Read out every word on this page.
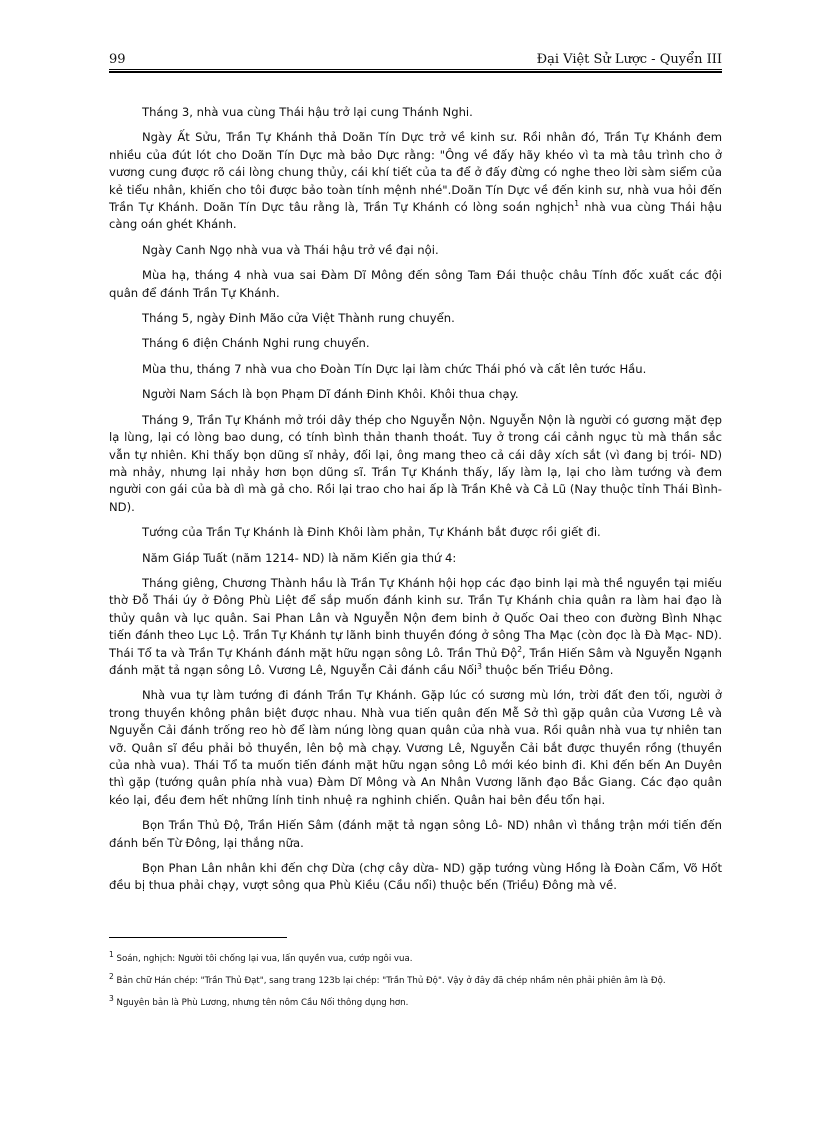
99	Đại Việt Sử Lược - Quyển III

Tháng 3, nhà vua cùng Thái hậu trở lại cung Thánh Nghi.

Ngày Ất Sửu, Trần Tự Khánh thả Doãn Tín Dực trở về kinh sư. Rồi nhân đó, Trần Tự Khánh đem nhiều của đút lót cho Doãn Tín Dực mà bảo Dực rằng: "Ông về đấy hãy khéo vì ta mà tâu trình cho ở vương cung được rõ cái lòng chung thủy, cái khí tiết của ta để ở đấy đừng có nghe theo lời sàm siểm của kẻ tiểu nhân, khiến cho tôi được bảo toàn tính mệnh nhé".Doãn Tín Dực về đến kinh sư, nhà vua hỏi đến Trần Tự Khánh. Doãn Tín Dực tâu rằng là, Trần Tự Khánh có lòng soán nghịch$^1$ nhà vua cùng Thái hậu càng oán ghét Khánh.

Ngày Canh Ngọ nhà vua và Thái hậu trở về đại nội.

Mùa hạ, tháng 4 nhà vua sai Đàm Dĩ Mông đến sông Tam Đái thuộc châu Tính đốc xuất các đội quân để đánh Trần Tự Khánh.

Tháng 5, ngày Đinh Mão cửa Việt Thành rung chuyển.

Tháng 6 điện Chánh Nghi rung chuyển.

Mùa thu, tháng 7 nhà vua cho Đoàn Tín Dực lại làm chức Thái phó và cất lên tước Hầu.

Người Nam Sách là bọn Phạm Dĩ đánh Đinh Khôi. Khôi thua chạy.

Tháng 9, Trần Tự Khánh mở trói dây thép cho Nguyễn Nộn. Nguyễn Nộn là người có gương mặt đẹp lạ lùng, lại có lòng bao dung, có tính bình thản thanh thoát. Tuy ở trong cái cảnh ngục tù mà thần sắc vẫn tự nhiên. Khi thấy bọn dũng sĩ nhảy, đối lại, ông mang theo cả cái dây xích sắt (vì đang bị trói- ND) mà nhảy, nhưng lại nhảy hơn bọn dũng sĩ. Trần Tự Khánh thấy, lấy làm lạ, lại cho làm tướng và đem người con gái của bà dì mà gả cho. Rồi lại trao cho hai ấp là Trần Khê và Cả Lũ (Nay thuộc tỉnh Thái Bình- ND).

Tướng của Trần Tự Khánh là Đinh Khôi làm phản, Tự Khánh bắt được rồi giết đi.

Năm Giáp Tuất (năm 1214- ND) là năm Kiến gia thứ 4:

Tháng giêng, Chương Thành hầu là Trần Tự Khánh hội họp các đạo binh lại mà thề nguyền tại miếu thờ Đỗ Thái úy ở Đông Phù Liệt để sắp muốn đánh kinh sư. Trần Tự Khánh chia quân ra làm hai đạo là thủy quân và lục quân. Sai Phan Lân và Nguyễn Nộn đem binh ở Quốc Oai theo con đường Bình Nhạc tiến đánh theo Lục Lộ. Trần Tự Khánh tự lãnh binh thuyền đóng ở sông Tha Mạc (còn đọc là Đà Mạc- ND). Thái Tổ ta và Trần Tự Khánh đánh mặt hữu ngạn sông Lô. Trần Thủ Độ$^2$, Trần Hiến Sâm và Nguyễn Ngạnh đánh mặt tả ngạn sông Lô. Vương Lê, Nguyễn Cải đánh cầu Nối$^3$ thuộc bến Triều Đông.

Nhà vua tự làm tướng đi đánh Trần Tự Khánh. Gặp lúc có sương mù lớn, trời đất đen tối, người ở trong thuyền không phân biệt được nhau. Nhà vua tiến quân đến Mễ Sở thì gặp quân của Vương Lê và Nguyễn Cải đánh trống reo hò để làm núng lòng quan quân của nhà vua. Rồi quân nhà vua tự nhiên tan vỡ. Quân sĩ đều phải bỏ thuyền, lên bộ mà chạy. Vương Lê, Nguyễn Cải bắt được thuyền rồng (thuyền của nhà vua). Thái Tổ ta muốn tiến đánh mặt hữu ngạn sông Lô mới kéo binh đi. Khi đến bến An Duyên thì gặp (tướng quân phía nhà vua) Đàm Dĩ Mông và An Nhân Vương lãnh đạo Bắc Giang. Các đạo quân kéo lại, đều đem hết những lính tinh nhuệ ra nghinh chiến. Quân hai bên đều tổn hại.

Bọn Trần Thủ Độ, Trần Hiến Sâm (đánh mặt tả ngạn sông Lô- ND) nhân vì thắng trận mới tiến đến đánh bến Từ Đông, lại thắng nữa.

Bọn Phan Lân nhân khi đến chợ Dừa (chợ cây dừa- ND) gặp tướng vùng Hồng là Đoàn Cẩm, Võ Hốt đều bị thua phải chạy, vượt sông qua Phù Kiều (Cầu nổi) thuộc bến (Triều) Đông mà về.

$^1$ Soán, nghịch: Người tôi chống lại vua, lấn quyền vua, cướp ngôi vua.

$^2$ Bản chữ Hán chép: "Trần Thủ Đạt", sang trang 123b lại chép: "Trần Thủ Độ". Vậy ở đây đã chép nhầm nên phải phiên âm là Độ.

$^3$ Nguyên bản là Phù Lương, nhưng tên nôm Cầu Nối thông dụng hơn.
